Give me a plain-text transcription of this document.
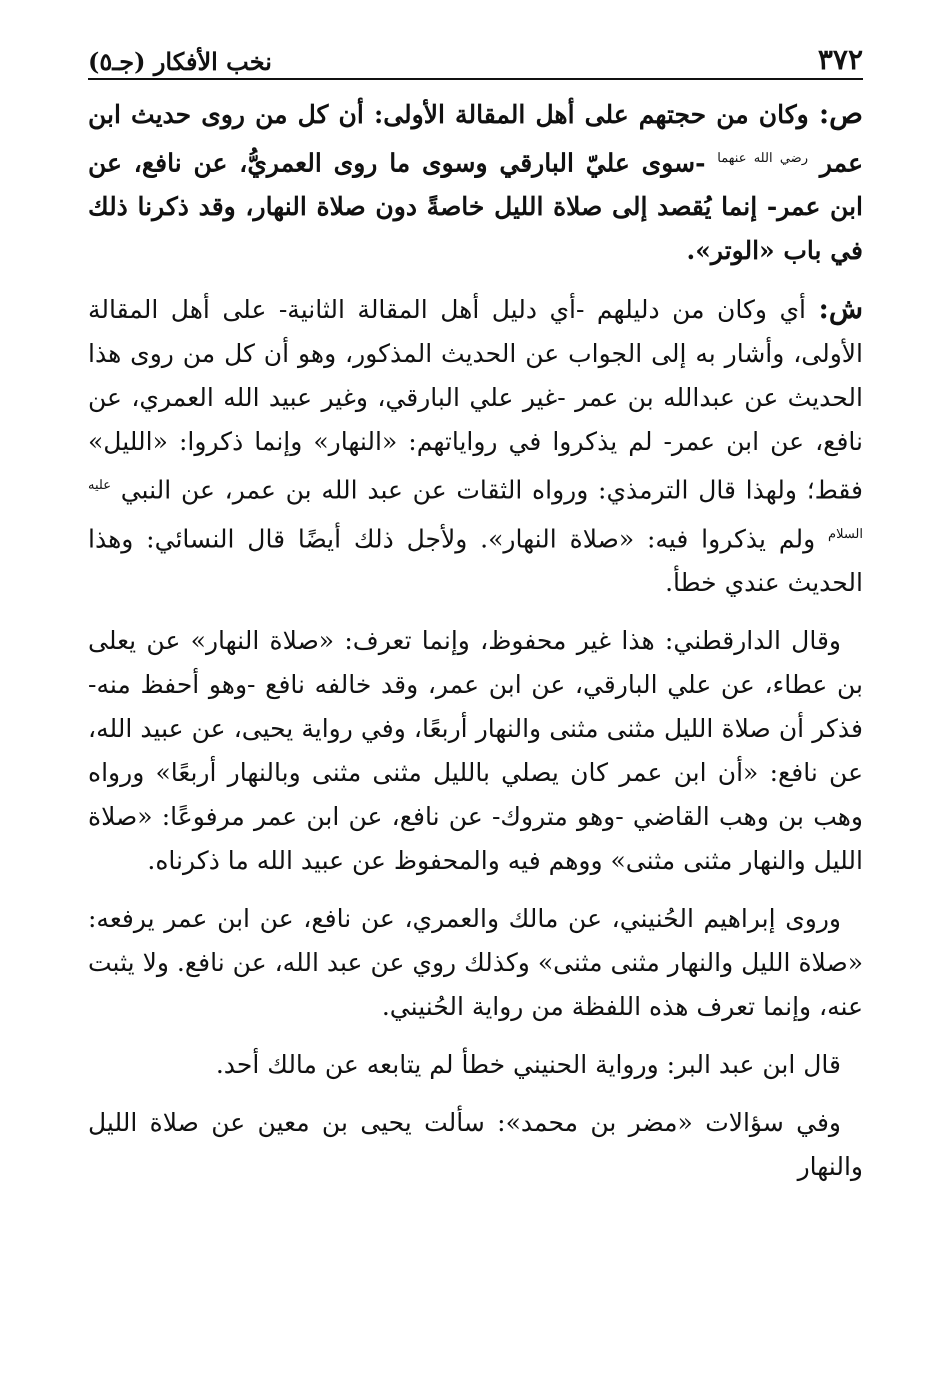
٣٧٢
نخب الأفكار (جـ٥)

ص: وكان من حجتهم على أهل المقالة الأولى: أن كل من روى حديث ابن عمر $^{رضي الله عنهما}$ -سوى عليّ البارقي وسوى ما روى العمريُّ، عن نافع، عن ابن عمر- إنما يُقصد إلى صلاة الليل خاصةً دون صلاة النهار، وقد ذكرنا ذلك في باب «الوتر».

ش: أي وكان من دليلهم -أي دليل أهل المقالة الثانية- على أهل المقالة الأولى، وأشار به إلى الجواب عن الحديث المذكور، وهو أن كل من روى هذا الحديث عن عبدالله بن عمر -غير علي البارقي، وغير عبيد الله العمري، عن نافع، عن ابن عمر- لم يذكروا في رواياتهم: «النهار» وإنما ذكروا: «الليل» فقط؛ ولهذا قال الترمذي: ورواه الثقات عن عبد الله بن عمر، عن النبي $^{عليه السلام}$ ولم يذكروا فيه: «صلاة النهار». ولأجل ذلك أيضًا قال النسائي: وهذا الحديث عندي خطأ.

وقال الدارقطني: هذا غير محفوظ، وإنما تعرف: «صلاة النهار» عن يعلى بن عطاء، عن علي البارقي، عن ابن عمر، وقد خالفه نافع -وهو أحفظ منه- فذكر أن صلاة الليل مثنى مثنى والنهار أربعًا، وفي رواية يحيى، عن عبيد الله، عن نافع: «أن ابن عمر كان يصلي بالليل مثنى مثنى وبالنهار أربعًا» ورواه وهب بن وهب القاضي -وهو متروك- عن نافع، عن ابن عمر مرفوعًا: «صلاة الليل والنهار مثنى مثنى» ووهم فيه والمحفوظ عن عبيد الله ما ذكرناه.

وروى إبراهيم الحُنيني، عن مالك والعمري، عن نافع، عن ابن عمر يرفعه: «صلاة الليل والنهار مثنى مثنى» وكذلك روي عن عبد الله، عن نافع. ولا يثبت عنه، وإنما تعرف هذه اللفظة من رواية الحُنيني.

قال ابن عبد البر: ورواية الحنيني خطأ لم يتابعه عن مالك أحد.

وفي سؤالات «مضر بن محمد»: سألت يحيى بن معين عن صلاة الليل والنهار
